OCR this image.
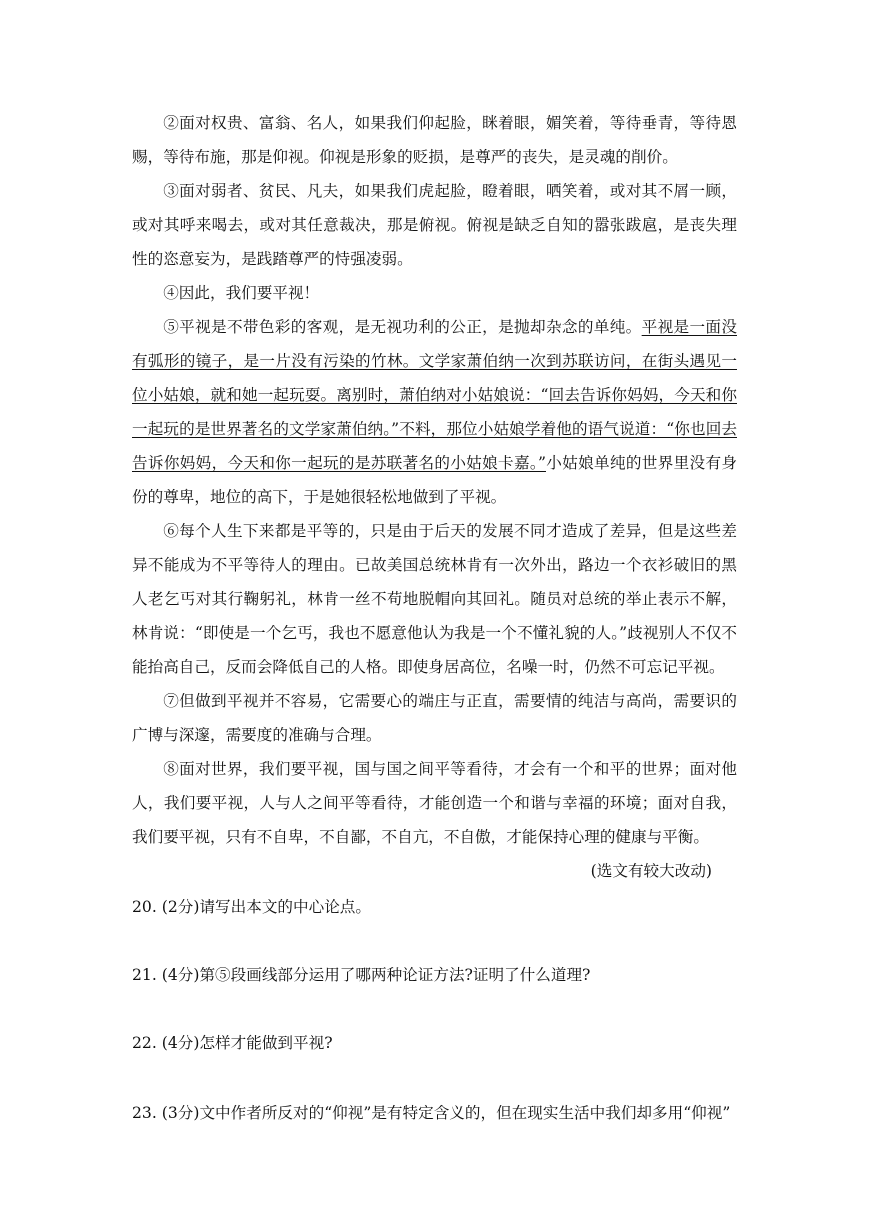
②面对权贵、富翁、名人，如果我们仰起脸，眯着眼，媚笑着，等待垂青，等待恩赐，等待布施，那是仰视。仰视是形象的贬损，是尊严的丧失，是灵魂的削价。

③面对弱者、贫民、凡夫，如果我们虎起脸，瞪着眼，哂笑着，或对其不屑一顾，或对其呼来喝去，或对其任意裁决，那是俯视。俯视是缺乏自知的嚣张跋扈，是丧失理性的恣意妄为，是践踏尊严的恃强凌弱。

④因此，我们要平视！

⑤平视是不带色彩的客观，是无视功利的公正，是抛却杂念的单纯。平视是一面没有弧形的镜子，是一片没有污染的竹林。文学家萧伯纳一次到苏联访问，在街头遇见一位小姑娘，就和她一起玩耍。离别时，萧伯纳对小姑娘说：“回去告诉你妈妈，今天和你一起玩的是世界著名的文学家萧伯纳。”不料，那位小姑娘学着他的语气说道：“你也回去告诉你妈妈，今天和你一起玩的是苏联著名的小姑娘卡嘉。”小姑娘单纯的世界里没有身份的尊卑，地位的高下，于是她很轻松地做到了平视。

⑥每个人生下来都是平等的，只是由于后天的发展不同才造成了差异，但是这些差异不能成为不平等待人的理由。已故美国总统林肯有一次外出，路边一个衣衫破旧的黑人老乞丐对其行鞠躬礼，林肯一丝不苟地脱帽向其回礼。随员对总统的举止表示不解，林肯说：“即使是一个乞丐，我也不愿意他认为我是一个不懂礼貌的人。”歧视别人不仅不能抬高自己，反而会降低自己的人格。即使身居高位，名噪一时，仍然不可忘记平视。

⑦但做到平视并不容易，它需要心的端庄与正直，需要情的纯洁与高尚，需要识的广博与深邃，需要度的准确与合理。

⑧面对世界，我们要平视，国与国之间平等看待，才会有一个和平的世界；面对他人，我们要平视，人与人之间平等看待，才能创造一个和谐与幸福的环境；面对自我，我们要平视，只有不自卑，不自鄙，不自亢，不自傲，才能保持心理的健康与平衡。

(选文有较大改动)

20. (2分)请写出本文的中心论点。

21. (4分)第⑤段画线部分运用了哪两种论证方法?证明了什么道理?

22. (4分)怎样才能做到平视?

23. (3分)文中作者所反对的“仰视”是有特定含义的，但在现实生活中我们却多用“仰视”
